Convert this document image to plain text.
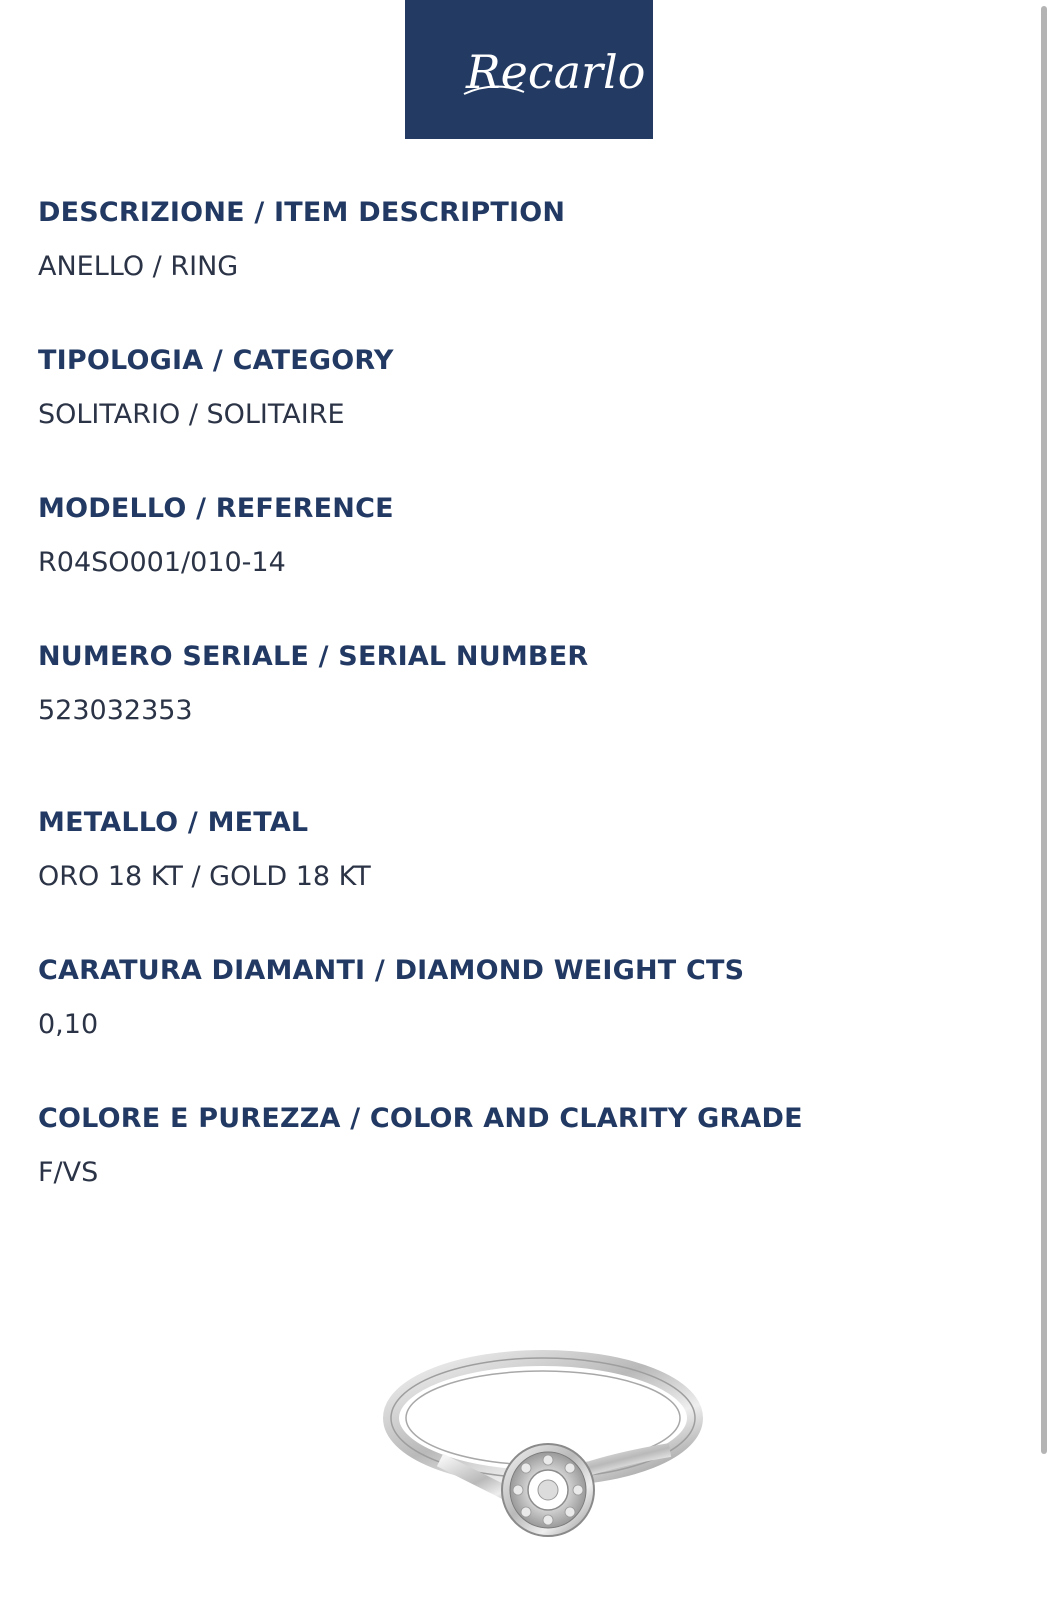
Recarlo
DESCRIZIONE / ITEM DESCRIPTION
ANELLO / RING
TIPOLOGIA / CATEGORY
SOLITARIO / SOLITAIRE
MODELLO / REFERENCE
R04SO001/010-14
NUMERO SERIALE / SERIAL NUMBER
523032353
METALLO / METAL
ORO 18 KT / GOLD 18 KT
CARATURA DIAMANTI / DIAMOND WEIGHT CTS
0,10
COLORE E PUREZZA / COLOR AND CLARITY GRADE
F/VS
